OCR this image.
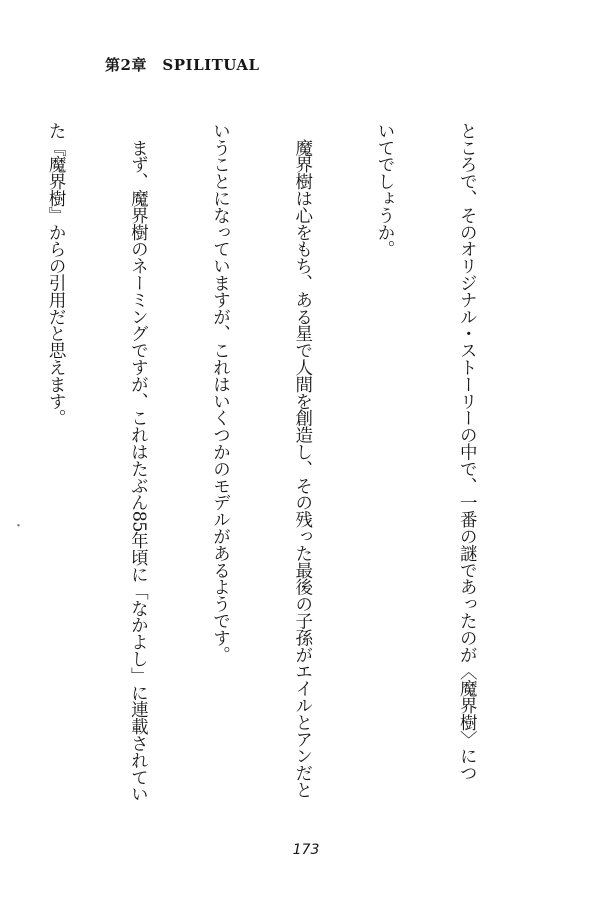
第2章　SPILITUAL
・

	ところで、そのオリジナル・ストーリーの中で、一番の謎であったのが〈魔界樹〉につ

いてでしょうか。

　魔界樹は心をもち、ある星で人間を創造し、その残った最後の子孫がエイルとアンだと

いうことになっていますが、これはいくつかのモデルがあるようです。

　まず、魔界樹のネーミングですが、これはたぶん85年頃に「なかよし」に連載されてい

た『魔界樹』からの引用だと思えます。

173
